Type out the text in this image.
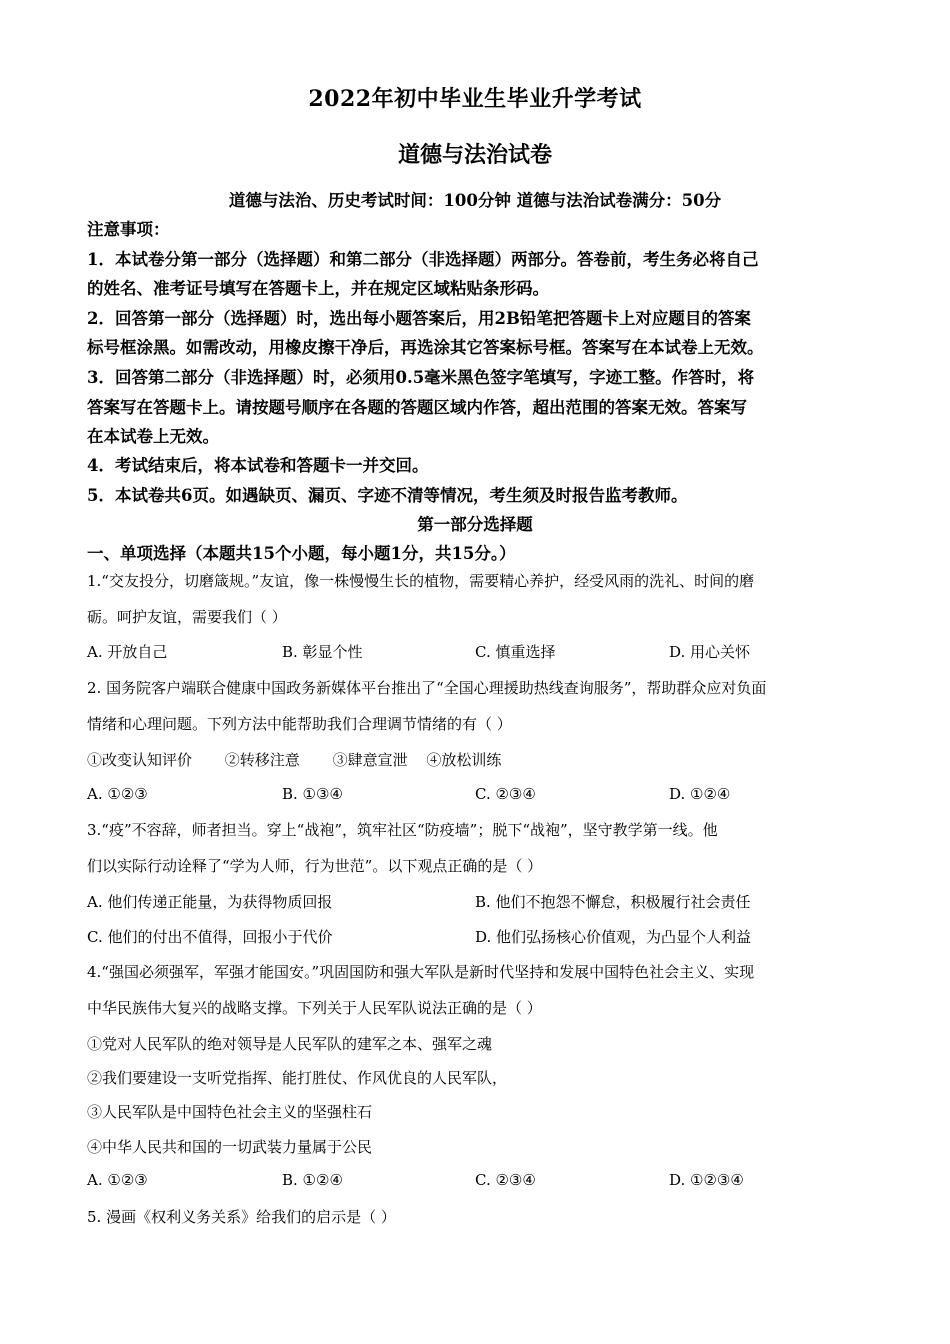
2022年初中毕业生毕业升学考试
道德与法治试卷
道德与法治、历史考试时间：100分钟 道德与法治试卷满分：50分
注意事项：
1．本试卷分第一部分（选择题）和第二部分（非选择题）两部分。答卷前，考生务必将自己
的姓名、准考证号填写在答题卡上，并在规定区域粘贴条形码。
2．回答第一部分（选择题）时，选出每小题答案后，用2B铅笔把答题卡上对应题目的答案
标号框涂黑。如需改动，用橡皮擦干净后，再选涂其它答案标号框。答案写在本试卷上无效。
3．回答第二部分（非选择题）时，必须用0.5毫米黑色签字笔填写，字迹工整。作答时，将
答案写在答题卡上。请按题号顺序在各题的答题区域内作答，超出范围的答案无效。答案写
在本试卷上无效。
4．考试结束后，将本试卷和答题卡一并交回。
5．本试卷共6页。如遇缺页、漏页、字迹不清等情况，考生须及时报告监考教师。
第一部分选择题
一、单项选择（本题共15个小题，每小题1分，共15分。）
1.“交友投分，切磨箴规。”友谊，像一株慢慢生长的植物，需要精心养护，经受风雨的洗礼、时间的磨
砺。呵护友谊，需要我们（ ）
A. 开放自己	B. 彰显个性	C. 慎重选择	D. 用心关怀
2. 国务院客户端联合健康中国政务新媒体平台推出了“全国心理援助热线查询服务”，帮助群众应对负面
情绪和心理问题。下列方法中能帮助我们合理调节情绪的有（ ）
①改变认知评价 ②转移注意 ③肆意宣泄 ④放松训练
A. ①②③	B. ①③④	C. ②③④	D. ①②④
3.“疫”不容辞，师者担当。穿上“战袍”，筑牢社区“防疫墙”；脱下“战袍”，坚守教学第一线。他
们以实际行动诠释了“学为人师，行为世范”。以下观点正确的是（ ）
A. 他们传递正能量，为获得物质回报	B. 他们不抱怨不懈怠，积极履行社会责任
C. 他们的付出不值得，回报小于代价	D. 他们弘扬核心价值观，为凸显个人利益
4.“强国必须强军，军强才能国安。”巩固国防和强大军队是新时代坚持和发展中国特色社会主义、实现
中华民族伟大复兴的战略支撑。下列关于人民军队说法正确的是（ ）
①党对人民军队的绝对领导是人民军队的建军之本、强军之魂
②我们要建设一支听党指挥、能打胜仗、作风优良的人民军队，
③人民军队是中国特色社会主义的坚强柱石
④中华人民共和国的一切武装力量属于公民
A. ①②③	B. ①②④	C. ②③④	D. ①②③④
5. 漫画《权利义务关系》给我们的启示是（ ）
